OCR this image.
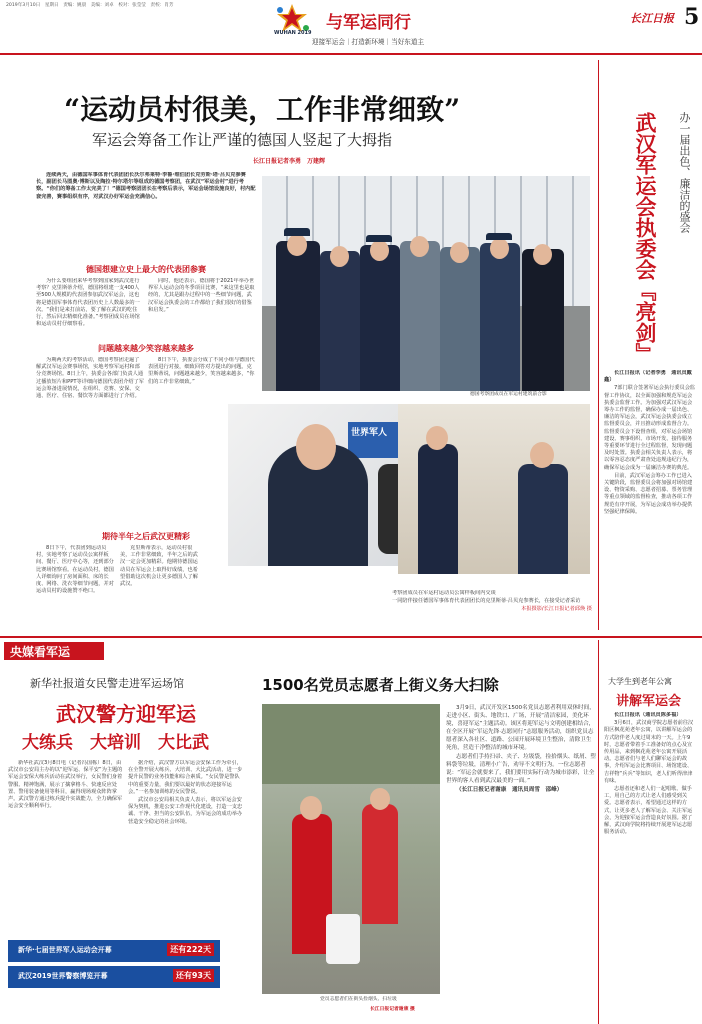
2019年3月10日　星期日　责编：姚晨　美编：刘卓　校对：张莹莹　责校：肖芳
WUHAN 2019 与军运同行
迎接军运会｜打造新环境｜当好东道主
长江日报 5
“运动员村很美，工作非常细致”
军运会筹备工作让严谨的德国人竖起了大拇指
长江日报记者李勇　万建辉

连续两天，由德国军事体育代表团团长沃尔弗莱特·李鲁·维伯团长克劳斯·塔·吕贝克参赛长，副团长马图奥·博斯以及陶拉·特尔塔尔等组成的德国考察团，在武汉“军运会村”进行考察。“你们的筹备工作太完美了！”德国考察团团长在考察后表示，军运会场馆设施良好，村内配套完善，赛事组织有序，对武汉办好军运会充满信心。

德国想建立史上最大的代表团参赛

为什么要组团来华考察到国家到武汉进行考察？克里斯蒂介绍，德国将组建一支400人至500人规模的代表团参加武汉军运会，这也将是德国军事体育代表团历史上人数最多的一次。“我们是来打前站，要了解在武汉的吃住行，然后回去精细化准备。”考察团成员在场馆和运动员村仔细察看。

同时，他还表示，德国将于2021年举办世界军人运动会的冬季项目比赛，“来这里也是取经的，尤其是跟办过程中的一些细节问题，武汉军运会执委会的工作都给了我们很好的借鉴和启发。”

问题越来越少笑容越来越多

为期两天的考察活动，德国考察团走遍了解武汉军运会赛事场馆，实地考察军运村和部分竞赛场馆。8日上午，执委会各部门负责人通过播放短片和PPT等详细向德国代表团介绍了军运会筹备进展情况，在组织、竞赛、安保、交通、医疗、住宿、餐饮等方面都进行了介绍。

8日下午，执委会分成了不同小组与德国代表团进行对接，细致回答对方提出的问题。克里斯蒂说，问题越来越少，笑容越来越多，“你们的工作非常细致。”

期待半年之后武汉更精彩

8日下午，代表团到运动员村，实地考察了运动员公寓样板间、餐厅、医疗中心等，还到部分比赛场馆察看。在运动员村，德国人详细询问了房间面积、床的长度、网络、洗衣等细节问题，并对运动员村的设施赞不绝口。

克里斯蒂表示，运动员村很美，工作非常细致，半年之后的武汉一定会更加精彩。他期待德国运动员在军运会上取得好成绩，也希望借助这次机会让更多德国人了解武汉。

德国考察团成员在军运村建筑前合影
世界军人

考察团成员在军运村运动员公寓样板间内交谈

一同陪伴接任德国军事体育代表团团长的克里斯蒂·吕贝克参赛长，在接受记者采访

本报摄影/长江日报记者邱焕 摄

办一届出色、廉洁的盛会
武汉军运会执委会『亮剑』

长江日报讯（记者李勇　通讯员戴鑫）

7部门联合签署军运会执行委员会监督工作协议，以全面加强和规范军运会执委会监督工作。为加强对武汉军运会筹办工作的监督，确保办成一届出色、廉洁的军运会，武汉军运会执委会成立监督委员会，并且推动形成监督合力。监督委员会下设督查组，对军运会场馆建设、赛事组织、市场开发、接待服务等重要环节进行全过程监督，发现问题及时处置。执委会相关负责人表示，将以零容忍态度严肃查处违规违纪行为，确保军运会成为一届廉洁办赛的典范。

目前，武汉军运会筹办工作已进入关键阶段，监督委员会将加强对场馆建设、物资采购、志愿者招募、票务管理等重点领域的监督检查，推动各项工作规范有序开展，为军运会成功举办提供坚强纪律保障。

央媒看军运
新华社报道女民警走进军运场馆
武汉警方迎军运
大练兵　大培训　大比武

新华社武汉3月8日电（记者冯国栋）8日，由武汉市公安局主办的以“迎军运、保平安”为主题的军运会安保大练兵活动在武汉举行，女民警们身着警服、精神饱满，展示了擒拿格斗、快速反应处置、警用装备使用等科目，赢得现场观众阵阵掌声。武汉警方通过练兵提升实战能力，全力确保军运会安全顺利举行。

据介绍，武汉警方以军运会安保工作为牵引，在全警开展大练兵、大培训、大比武活动，进一步提升民警的业务技能和综合素质。“女民警是警队中的重要力量，我们要以最好的状态迎接军运会。”一名参加训练的女民警说。

武汉市公安局相关负责人表示，将以军运会安保为契机，推进公安工作现代化建设，打造一支忠诚、干净、担当的公安队伍，为军运会的成功举办营造安全稳定的社会环境。

新华·七届世界军人运动会开幕	还有222天
武汉2019世界警察博览开幕	还有93天
1500名党员志愿者上街义务大扫除
党员志愿者们在街头捡烟头、扫垃圾
长江日报记者谢康 摄

3月9日，武汉开发区1500名党员志愿者利用双休时间，走进小区、街头、地铁口、广场，开展“清洁家园，美化环境，喜迎军运”主题活动。该区将迎军运与文明创建相结合，在全区开展“军运先锋·志愿同行”志愿服务活动，组织党员志愿者深入各社区、道路、公园开展环境卫生整治，清除卫生死角，营造干净整洁的城市环境。

志愿者们手持扫帚、夹子、垃圾袋，捡拾烟头、纸屑、塑料袋等垃圾，清理小广告，劝导不文明行为。一位志愿者说：“军运会就要来了，我们要用实际行动为城市添彩，让全世界的客人看到武汉最美的一面。”

（长江日报记者谢康　通讯员周雪　邵峰）

大学生到老年公寓
讲解军运会

长江日报讯（通讯员陈多福）

3月6日，武汉商学院志愿者前往汉阳区枫花苑老年公寓，以讲解军运会的方式陪伴老人度过周末的一天。上午9时，志愿者带着手工准备好的点心及宣传用品，来到枫花苑老年公寓开展活动。志愿者们与老人们聊军运会的故事，介绍军运会比赛项目、场馆建设、吉祥物“兵兵”等知识，老人们听得津津有味。

志愿者还和老人们一起唱歌、做手工，用自己的方式让老人们感受到关爱。志愿者表示，希望通过这样的方式，让更多老人了解军运会、关注军运会，为迎接军运会营造良好氛围。据了解，武汉商学院将持续开展迎军运志愿服务活动。
